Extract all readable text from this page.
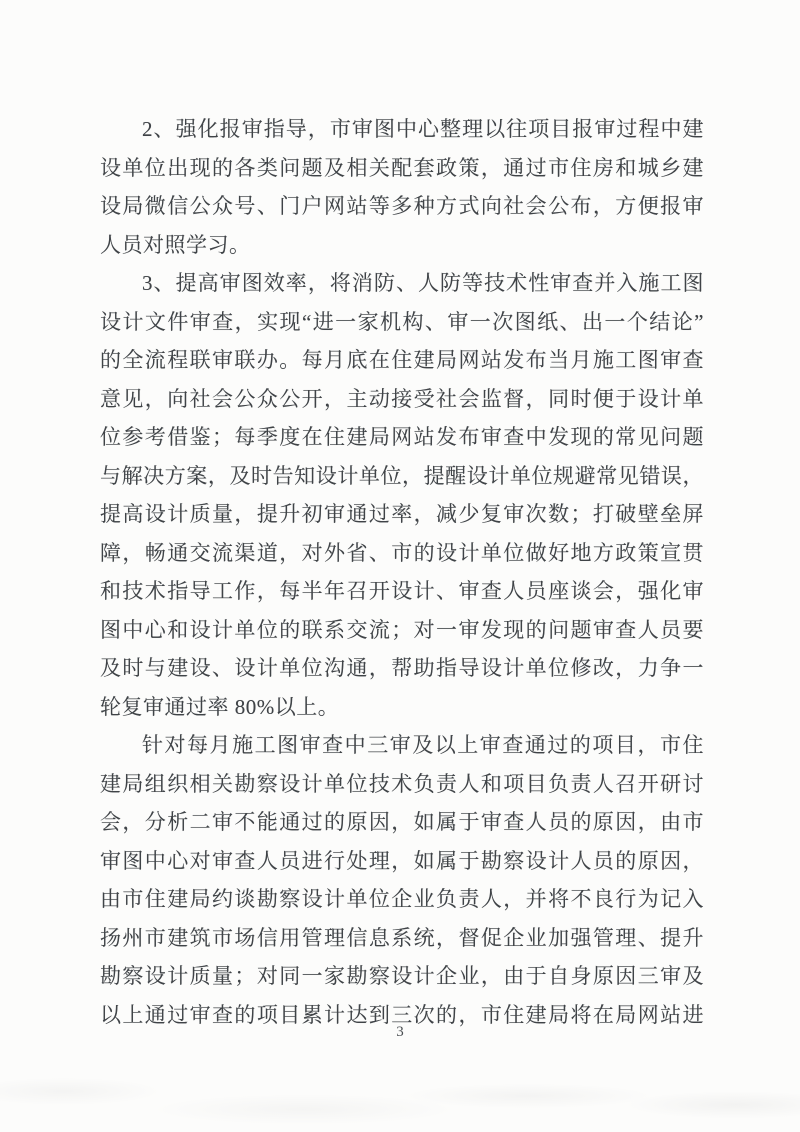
2、强化报审指导，市审图中心整理以往项目报审过程中建
设单位出现的各类问题及相关配套政策，通过市住房和城乡建
设局微信公众号、门户网站等多种方式向社会公布，方便报审
人员对照学习。
3、提高审图效率，将消防、人防等技术性审查并入施工图
设计文件审查，实现“进一家机构、审一次图纸、出一个结论”
的全流程联审联办。每月底在住建局网站发布当月施工图审查
意见，向社会公众公开，主动接受社会监督，同时便于设计单
位参考借鉴；每季度在住建局网站发布审查中发现的常见问题
与解决方案，及时告知设计单位，提醒设计单位规避常见错误，
提高设计质量，提升初审通过率，减少复审次数；打破壁垒屏
障，畅通交流渠道，对外省、市的设计单位做好地方政策宣贯
和技术指导工作，每半年召开设计、审查人员座谈会，强化审
图中心和设计单位的联系交流；对一审发现的问题审查人员要
及时与建设、设计单位沟通，帮助指导设计单位修改，力争一
轮复审通过率 80%以上。
针对每月施工图审查中三审及以上审查通过的项目，市住
建局组织相关勘察设计单位技术负责人和项目负责人召开研讨
会，分析二审不能通过的原因，如属于审查人员的原因，由市
审图中心对审查人员进行处理，如属于勘察设计人员的原因，
由市住建局约谈勘察设计单位企业负责人，并将不良行为记入
扬州市建筑市场信用管理信息系统，督促企业加强管理、提升
勘察设计质量；对同一家勘察设计企业，由于自身原因三审及
以上通过审查的项目累计达到三次的，市住建局将在局网站进
3
